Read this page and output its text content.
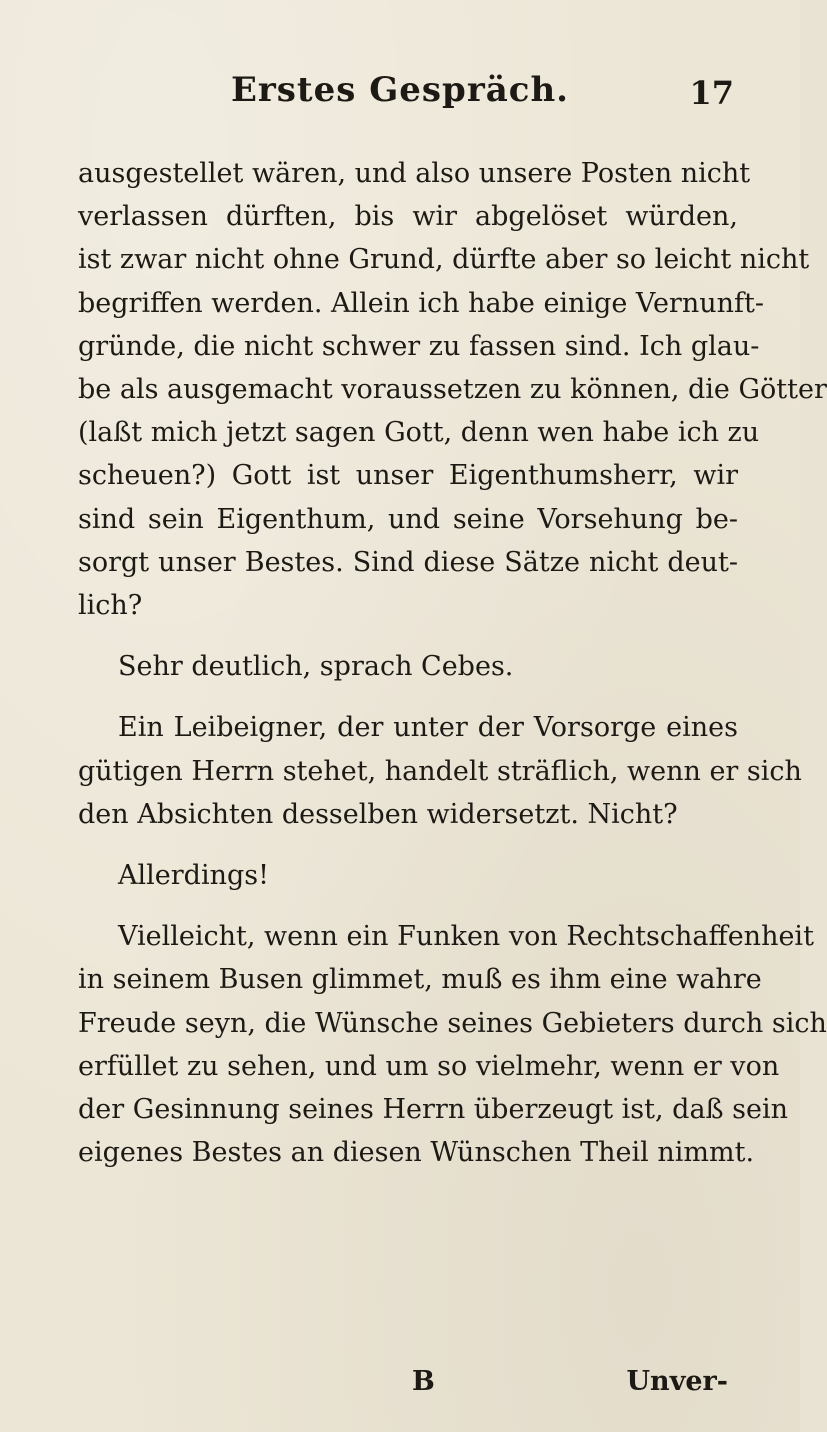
Erstes Gespräch.	17
ausgestellet wären, und also unsere Posten nicht
verlassen dürften, bis wir abgelöset würden,
ist zwar nicht ohne Grund, dürfte aber so leicht nicht
begriffen werden. Allein ich habe einige Vernunft-
gründe, die nicht schwer zu fassen sind. Ich glau-
be als ausgemacht voraussetzen zu können, die Götter
(laßt mich jetzt sagen Gott, denn wen habe ich zu
scheuen?) Gott ist unser Eigenthumsherr, wir
sind sein Eigenthum, und seine Vorsehung be-
sorgt unser Bestes. Sind diese Sätze nicht deut-
lich?
Sehr deutlich, sprach Cebes.
Ein Leibeigner, der unter der Vorsorge eines
gütigen Herrn stehet, handelt sträflich, wenn er sich
den Absichten desselben widersetzt. Nicht?
Allerdings!
Vielleicht, wenn ein Funken von Rechtschaffenheit
in seinem Busen glimmet, muß es ihm eine wahre
Freude seyn, die Wünsche seines Gebieters durch sich
erfüllet zu sehen, und um so vielmehr, wenn er von
der Gesinnung seines Herrn überzeugt ist, daß sein
eigenes Bestes an diesen Wünschen Theil nimmt.
B	Unver-
